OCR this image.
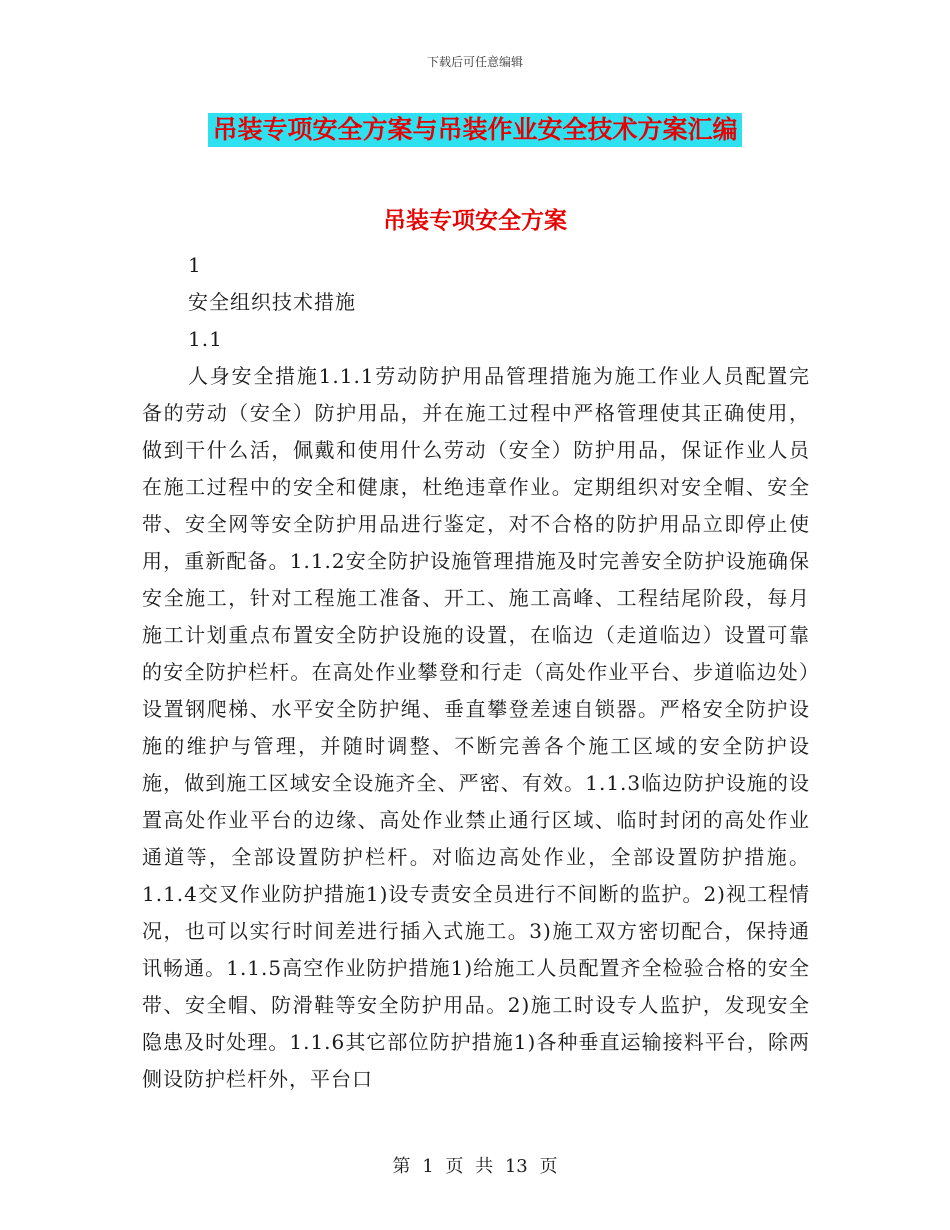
下载后可任意编辑
吊装专项安全方案与吊装作业安全技术方案汇编
吊装专项安全方案

1

安全组织技术措施

1.1

人身安全措施1.1.1劳动防护用品管理措施为施工作业人员配置完备的劳动（安全）防护用品，并在施工过程中严格管理使其正确使用，做到干什么活，佩戴和使用什么劳动（安全）防护用品，保证作业人员在施工过程中的安全和健康，杜绝违章作业。定期组织对安全帽、安全带、安全网等安全防护用品进行鉴定，对不合格的防护用品立即停止使用，重新配备。1.1.2安全防护设施管理措施及时完善安全防护设施确保安全施工，针对工程施工准备、开工、施工高峰、工程结尾阶段，每月施工计划重点布置安全防护设施的设置，在临边（走道临边）设置可靠的安全防护栏杆。在高处作业攀登和行走（高处作业平台、步道临边处）设置钢爬梯、水平安全防护绳、垂直攀登差速自锁器。严格安全防护设施的维护与管理，并随时调整、不断完善各个施工区域的安全防护设施，做到施工区域安全设施齐全、严密、有效。1.1.3临边防护设施的设置高处作业平台的边缘、高处作业禁止通行区域、临时封闭的高处作业通道等，全部设置防护栏杆。对临边高处作业，全部设置防护措施。1.1.4交叉作业防护措施1)设专责安全员进行不间断的监护。2)视工程情况，也可以实行时间差进行插入式施工。3)施工双方密切配合，保持通讯畅通。1.1.5高空作业防护措施1)给施工人员配置齐全检验合格的安全带、安全帽、防滑鞋等安全防护用品。2)施工时设专人监护，发现安全隐患及时处理。1.1.6其它部位防护措施1)各种垂直运输接料平台，除两侧设防护栏杆外，平台口

第 1 页 共 13 页
